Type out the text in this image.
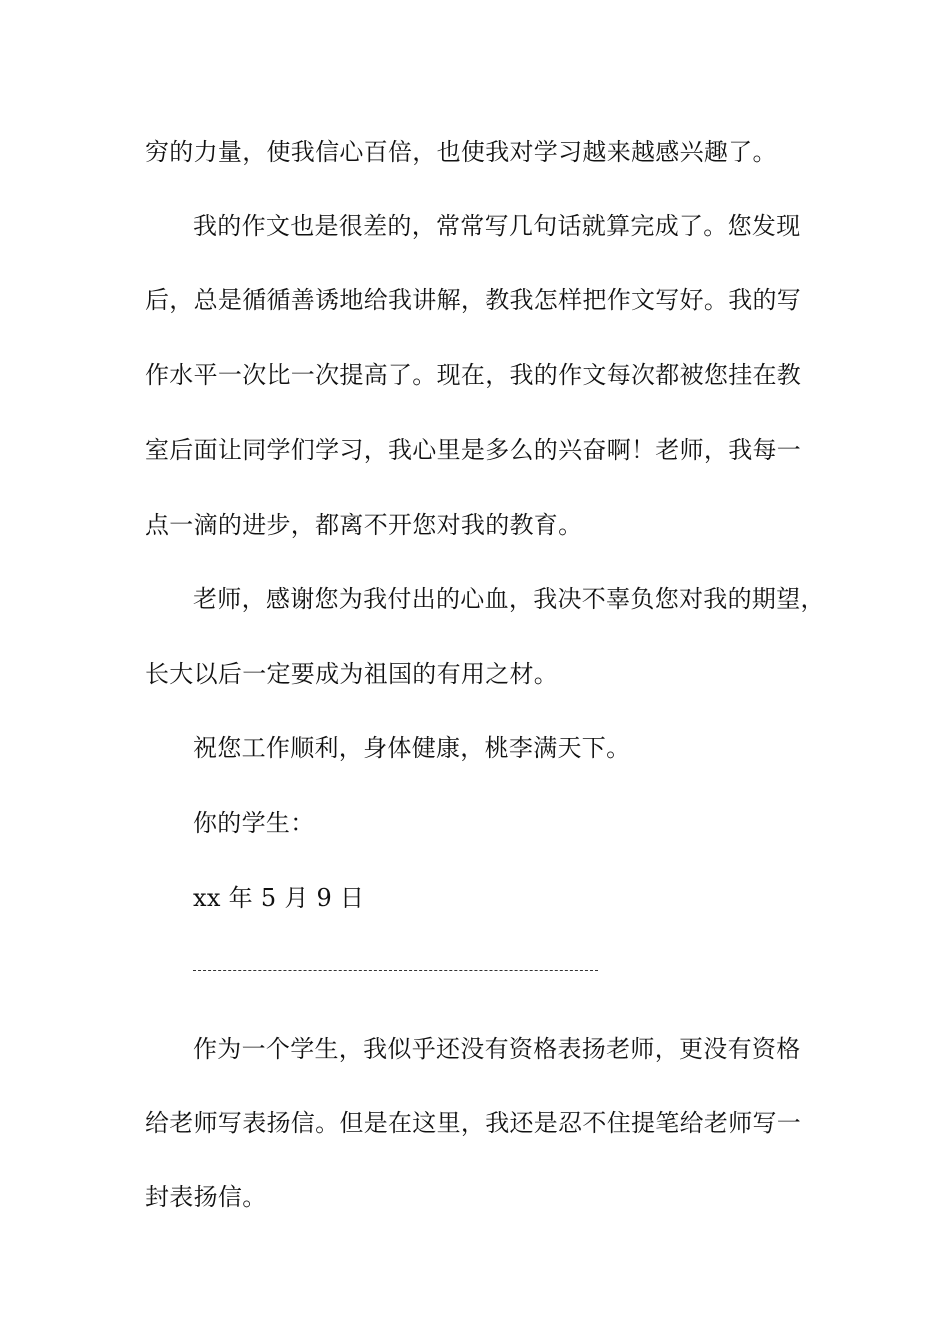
穷的力量，使我信心百倍，也使我对学习越来越感兴趣了。
我的作文也是很差的，常常写几句话就算完成了。您发现
后，总是循循善诱地给我讲解，教我怎样把作文写好。我的写
作水平一次比一次提高了。现在，我的作文每次都被您挂在教
室后面让同学们学习，我心里是多么的兴奋啊！老师，我每一
点一滴的进步，都离不开您对我的教育。
老师，感谢您为我付出的心血，我决不辜负您对我的期望，
长大以后一定要成为祖国的有用之材。
祝您工作顺利，身体健康，桃李满天下。
你的学生：
xx 年 5 月 9 日
作为一个学生，我似乎还没有资格表扬老师，更没有资格
给老师写表扬信。但是在这里，我还是忍不住提笔给老师写一
封表扬信。
